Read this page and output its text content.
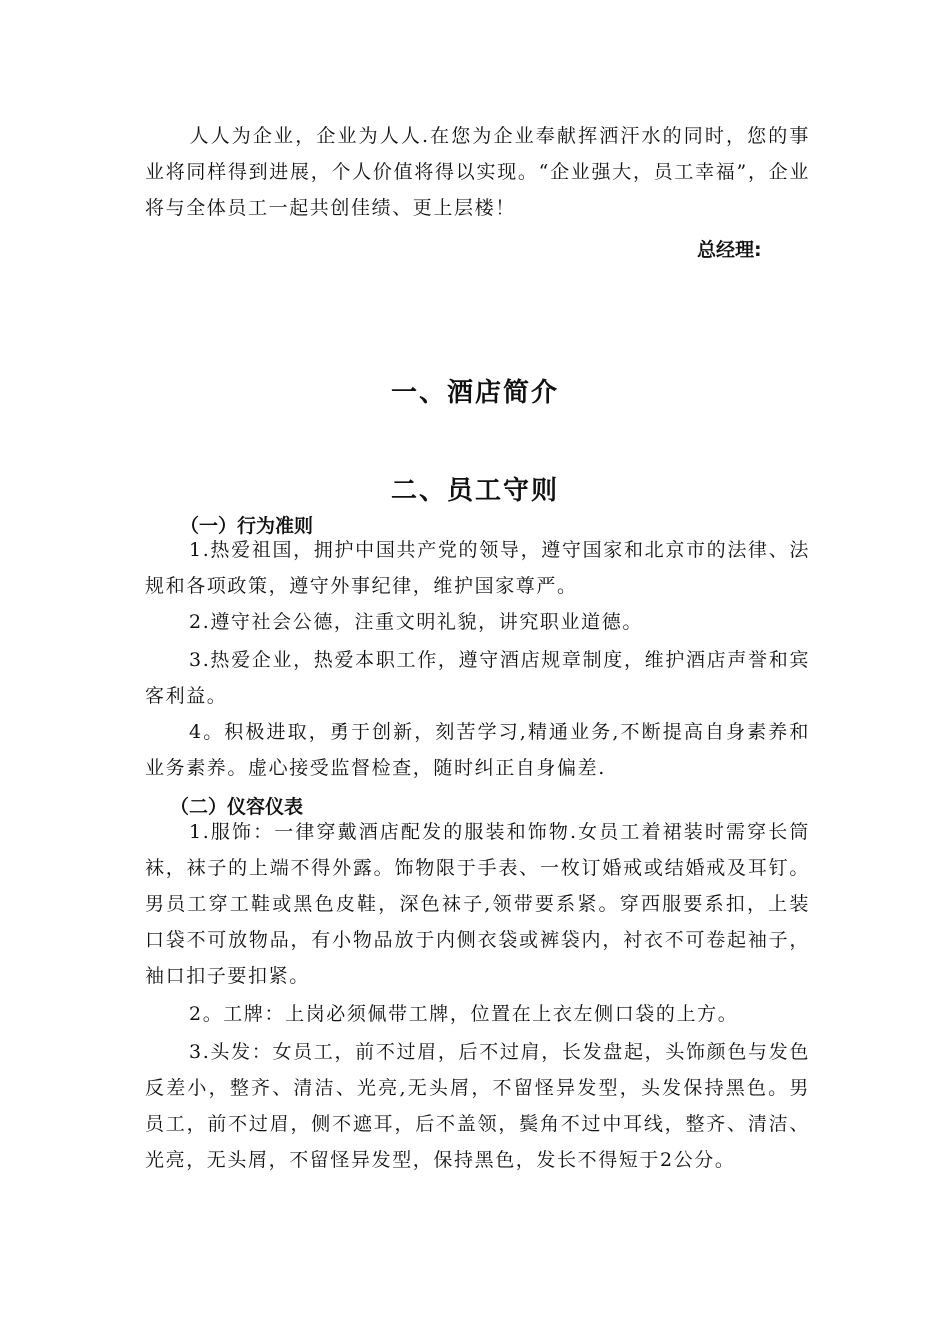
人人为企业，企业为人人.在您为企业奉献挥洒汗水的同时，您的事业将同样得到进展，个人价值将得以实现。“企业强大，员工幸福”，企业将与全体员工一起共创佳绩、更上层楼！

总经理:
一、酒店简介
二、员工守则
（一）行为准则

1.热爱祖国，拥护中国共产党的领导，遵守国家和北京市的法律、法规和各项政策，遵守外事纪律，维护国家尊严。

2.遵守社会公德，注重文明礼貌，讲究职业道德。

3.热爱企业，热爱本职工作，遵守酒店规章制度，维护酒店声誉和宾客利益。

4。积极进取，勇于创新，刻苦学习,精通业务,不断提高自身素养和业务素养。虚心接受监督检查，随时纠正自身偏差.

（二）仪容仪表

1.服饰：一律穿戴酒店配发的服装和饰物.女员工着裙装时需穿长筒袜，袜子的上端不得外露。饰物限于手表、一枚订婚戒或结婚戒及耳钉。男员工穿工鞋或黑色皮鞋，深色袜子,领带要系紧。穿西服要系扣，上装口袋不可放物品，有小物品放于内侧衣袋或裤袋内，衬衣不可卷起袖子，袖口扣子要扣紧。

2。工牌：上岗必须佩带工牌，位置在上衣左侧口袋的上方。

3.头发：女员工，前不过眉，后不过肩，长发盘起，头饰颜色与发色反差小，整齐、清洁、光亮,无头屑，不留怪异发型，头发保持黑色。男员工，前不过眉，侧不遮耳，后不盖领，鬓角不过中耳线，整齐、清洁、光亮，无头屑，不留怪异发型，保持黑色，发长不得短于2公分。
